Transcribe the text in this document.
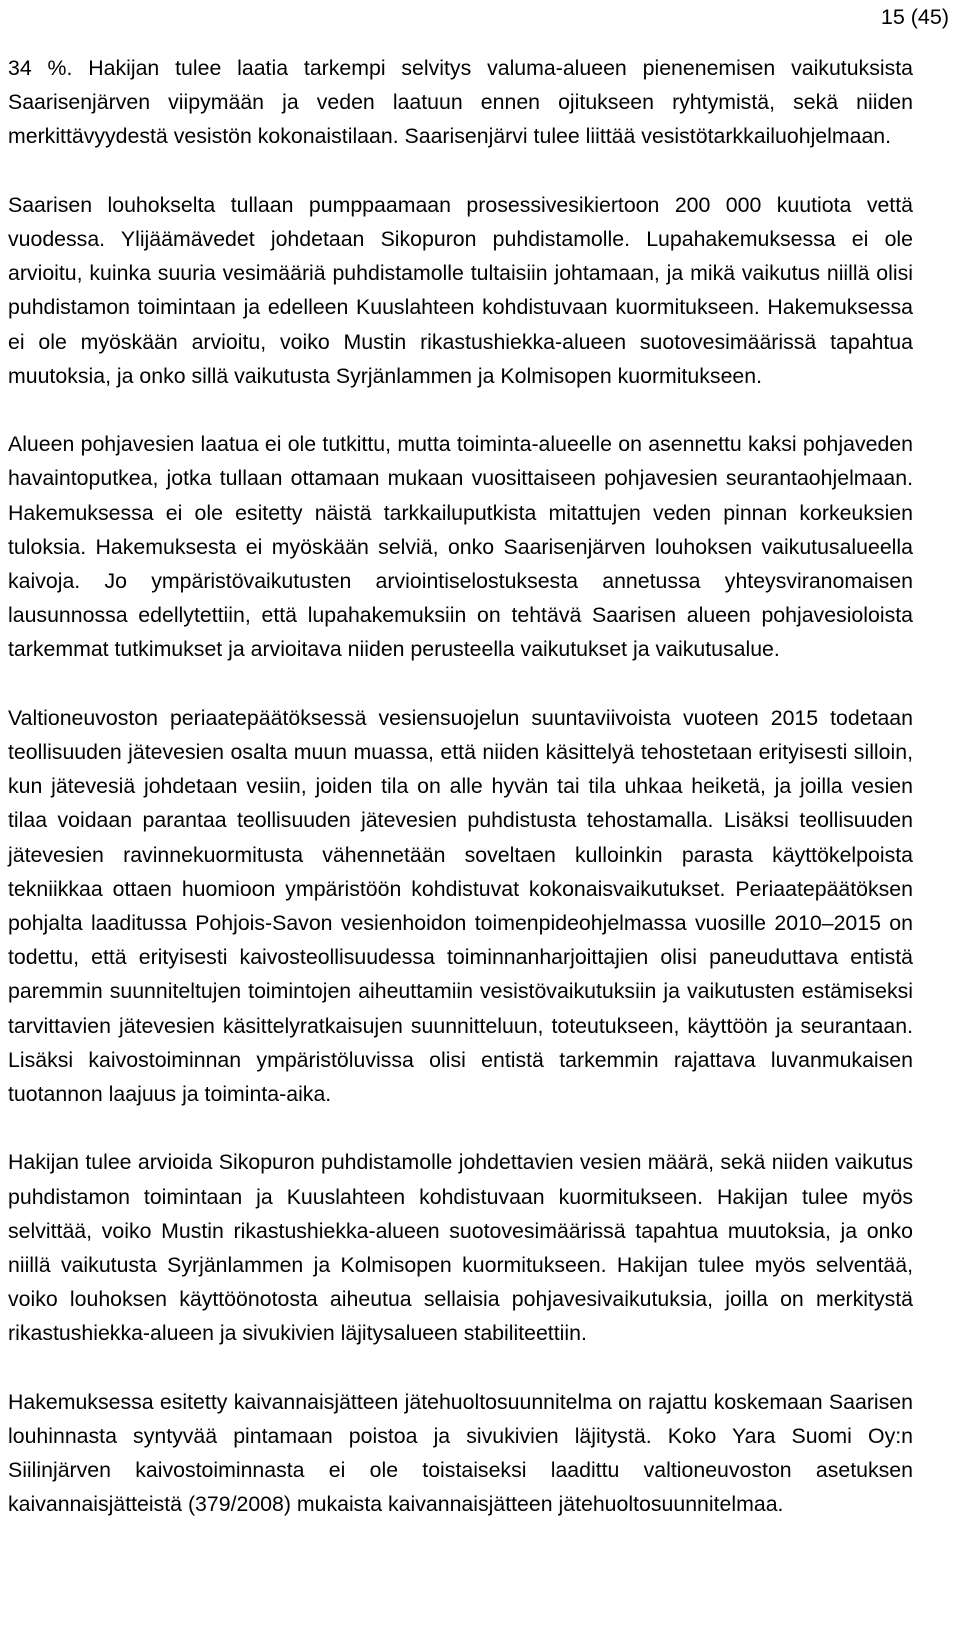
15 (45)

34 %. Hakijan tulee laatia tarkempi selvitys valuma-alueen pienenemisen vaikutuksista Saarisenjärven viipymään ja veden laatuun ennen ojitukseen ryhtymistä, sekä niiden merkittävyydestä vesistön kokonaistilaan. Saarisenjärvi tulee liittää vesistötarkkailuohjelmaan.

Saarisen louhokselta tullaan pumppaamaan prosessivesikiertoon 200 000 kuutiota vettä vuodessa. Ylijäämävedet johdetaan Sikopuron puhdistamolle. Lupahakemuksessa ei ole arvioitu, kuinka suuria vesimääriä puhdistamolle tultaisiin johtamaan, ja mikä vaikutus niillä olisi puhdistamon toimintaan ja edelleen Kuuslahteen kohdistuvaan kuormitukseen. Hakemuksessa ei ole myöskään arvioitu, voiko Mustin rikastushiekka-alueen suotovesimäärissä tapahtua muutoksia, ja onko sillä vaikutusta Syrjänlammen ja Kolmisopen kuormitukseen.

Alueen pohjavesien laatua ei ole tutkittu, mutta toiminta-alueelle on asennettu kaksi pohjaveden havaintoputkea, jotka tullaan ottamaan mukaan vuosittaiseen pohjavesien seurantaohjelmaan. Hakemuksessa ei ole esitetty näistä tarkkailuputkista mitattujen veden pinnan korkeuksien tuloksia. Hakemuksesta ei myöskään selviä, onko Saarisenjärven louhoksen vaikutusalueella kaivoja. Jo ympäristövaikutusten arviointiselostuksesta annetussa yhteysviranomaisen lausunnossa edellytettiin, että lupahakemuksiin on tehtävä Saarisen alueen pohjavesioloista tarkemmat tutkimukset ja arvioitava niiden perusteella vaikutukset ja vaikutusalue.

Valtioneuvoston periaatepäätöksessä vesiensuojelun suuntaviivoista vuoteen 2015 todetaan teollisuuden jätevesien osalta muun muassa, että niiden käsittelyä tehostetaan erityisesti silloin, kun jätevesiä johdetaan vesiin, joiden tila on alle hyvän tai tila uhkaa heiketä, ja joilla vesien tilaa voidaan parantaa teollisuuden jätevesien puhdistusta tehostamalla. Lisäksi teollisuuden jätevesien ravinnekuormitusta vähennetään soveltaen kulloinkin parasta käyttökelpoista tekniikkaa ottaen huomioon ympäristöön kohdistuvat kokonaisvaikutukset. Periaatepäätöksen pohjalta laaditussa Pohjois-Savon vesienhoidon toimenpideohjelmassa vuosille 2010–2015 on todettu, että erityisesti kaivosteollisuudessa toiminnanharjoittajien olisi paneuduttava entistä paremmin suunniteltujen toimintojen aiheuttamiin vesistövaikutuksiin ja vaikutusten estämiseksi tarvittavien jätevesien käsittelyratkaisujen suunnitteluun, toteutukseen, käyttöön ja seurantaan. Lisäksi kaivostoiminnan ympäristöluvissa olisi entistä tarkemmin rajattava luvanmukaisen tuotannon laajuus ja toiminta-aika.

Hakijan tulee arvioida Sikopuron puhdistamolle johdettavien vesien määrä, sekä niiden vaikutus puhdistamon toimintaan ja Kuuslahteen kohdistuvaan kuormitukseen. Hakijan tulee myös selvittää, voiko Mustin rikastushiekka-alueen suotovesimäärissä tapahtua muutoksia, ja onko niillä vaikutusta Syrjänlammen ja Kolmisopen kuormitukseen. Hakijan tulee myös selventää, voiko louhoksen käyttöönotosta aiheutua sellaisia pohjavesivaikutuksia, joilla on merkitystä rikastushiekka-alueen ja sivukivien läjitysalueen stabiliteettiin.

Hakemuksessa esitetty kaivannaisjätteen jätehuoltosuunnitelma on rajattu koskemaan Saarisen louhinnasta syntyvää pintamaan poistoa ja sivukivien läjitystä. Koko Yara Suomi Oy:n Siilinjärven kaivostoiminnasta ei ole toistaiseksi laadittu valtioneuvoston asetuksen kaivannaisjätteistä (379/2008) mukaista kaivannaisjätteen jätehuoltosuunnitelmaa.
